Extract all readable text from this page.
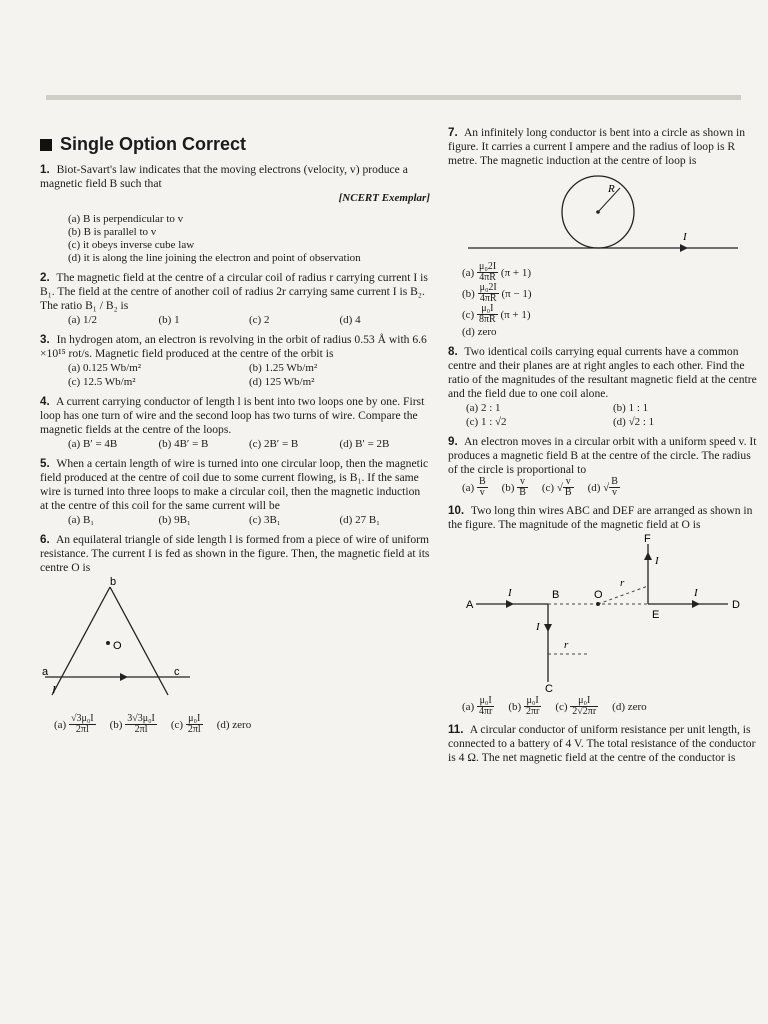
Single Option Correct
1. Biot-Savart's law indicates that the moving electrons (velocity, v) produce a magnetic field B such that
[NCERT Exemplar]
(a) B is perpendicular to v
(b) B is parallel to v
(c) it obeys inverse cube law
(d) it is along the line joining the electron and point of observation
2. The magnetic field at the centre of a circular coil of radius r carrying current I is B₁. The field at the centre of another coil of radius 2r carrying same current I is B₂. The ratio B₁ / B₂ is
(a) 1/2	(b) 1	(c) 2	(d) 4
3. In hydrogen atom, an electron is revolving in the orbit of radius 0.53 Å with 6.6 ×10¹⁵ rot/s. Magnetic field produced at the centre of the orbit is
(a) 0.125 Wb/m²	(b) 1.25 Wb/m²
(c) 12.5 Wb/m²	(d) 125 Wb/m²
4. A current carrying conductor of length l is bent into two loops one by one. First loop has one turn of wire and the second loop has two turns of wire. Compare the magnetic fields at the centre of the loops.
(a) B′ = 4B	(b) 4B′ = B	(c) 2B′ = B	(d) B′ = 2B
5. When a certain length of wire is turned into one circular loop, then the magnetic field produced at the centre of coil due to some current flowing, is B₁. If the same wire is turned into three loops to make a circular coil, then the magnetic induction at the centre of this coil for the same current will be
(a) B₁	(b) 9B₁	(c) 3B₁	(d) 27 B₁
6. An equilateral triangle of side length l is formed from a piece of wire of uniform resistance. The current I is fed as shown in the figure. Then, the magnetic field at its centre O is
b
a	c
O
I
(a)
$\frac{\text{√3μ₀I}}{2\pi l} (b)$
$\frac{\text{3√3μ₀I}}{2\pi l} (c)$
$\frac{\text{μ₀I}}{2\pi l} (d)$ zero
7. An infinitely long conductor is bent into a circle as shown in figure. It carries a current I ampere and the radius of loop is R metre. The magnetic induction at the centre of loop is
R
I
(a)
$\frac{\text{μ₀2I}}{4\pi R}$
(π + 1)
(b)
$\frac{\text{μ₀2I}}{4\pi R}$
(π − 1)
(c)
$\frac{\text{μ₀I}}{8\pi R}$
(π + 1)
(d) zero
8. Two identical coils carrying equal currents have a common centre and their planes are at right angles to each other. Find the ratio of the magnitudes of the resultant magnetic field at the centre and the field due to one coil alone.
(a) 2 : 1	(b) 1 : 1
(c) 1 : √2	(d) √2 : 1
9. An electron moves in a circular orbit with a uniform speed v. It produces a magnetic field B at the centre of the circle. The radius of the circle is proportional to
(a)
$\frac{B}{v} (b)$
$\frac{v}{B} (c)$ √ $\frac{v}{B} (d)$ √ $\frac{B}{v}$
10. Two long thin wires ABC and DEF are arranged as shown in the figure. The magnitude of the magnetic field at O is
A
B
C
D
E
F
O
I
I
I
I
r
r
(a)
$\frac{\text{μ₀I}}{4\pi r} (b)$
$\frac{\text{μ₀I}}{2\pi r} (c)$
$\frac{\text{μ₀I}}{2√2\pi r} (d)$ zero
11. A circular conductor of uniform resistance per unit length, is connected to a battery of 4 V. The total resistance of the conductor is 4 Ω. The net magnetic field at the centre of the conductor is
